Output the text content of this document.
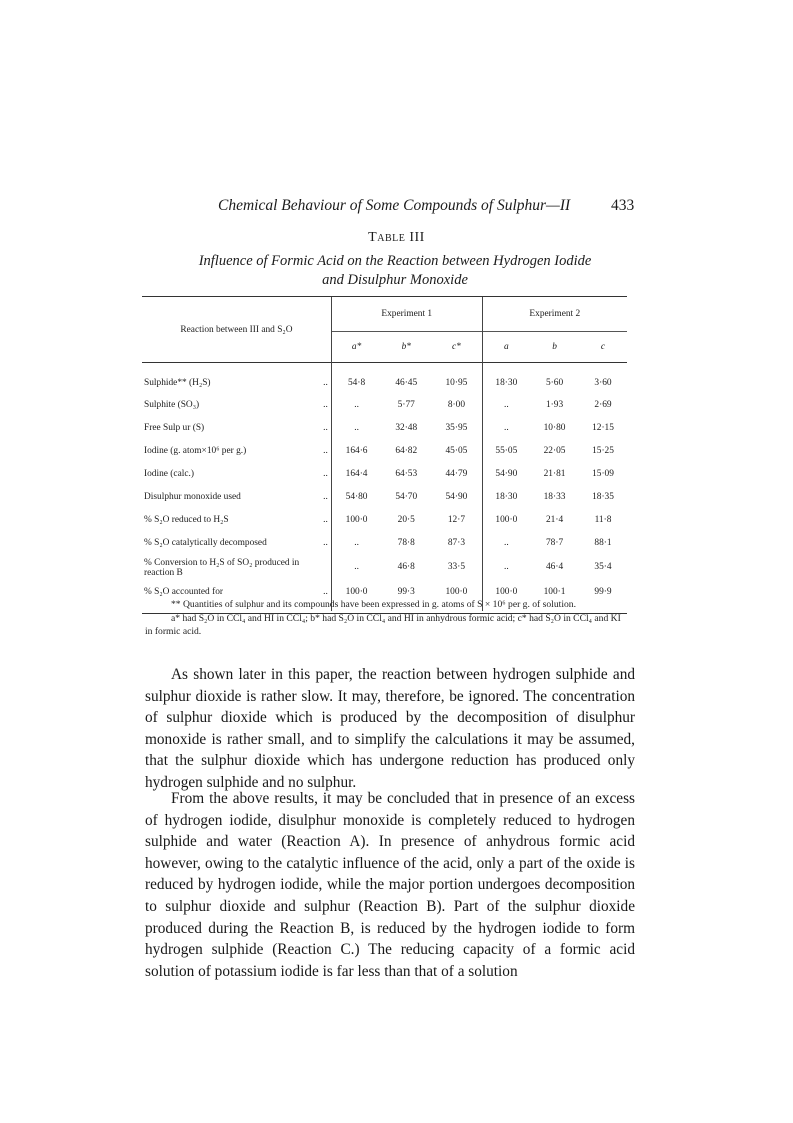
Chemical Behaviour of Some Compounds of Sulphur—II	433
Table III
Influence of Formic Acid on the Reaction between Hydrogen Iodide
and Disulphur Monoxide
Reaction between III and S₂O	Experiment 1			Experiment 2		
	a*	b*	c*	a	b	c
Sulphide** (H₂S) ..	54·8	46·45	10·95	18·30	5·60	3·60
Sulphite (SO₃) ..	..	5·77	8·00	..	1·93	2·69
Free Sulp ur (S) ..	..	32·48	35·95	..	10·80	12·15
Iodine (g. atom×10⁶ per g.) ..	164·6	64·82	45·05	55·05	22·05	15·25
Iodine (calc.) ..	164·4	64·53	44·79	54·90	21·81	15·09
Disulphur monoxide used ..	54·80	54·70	54·90	18·30	18·33	18·35
% S₂O reduced to H₂S ..	100·0	20·5	12·7	100·0	21·4	11·8
% S₂O catalytically decomposed ..	..	78·8	87·3	..	78·7	88·1
% Conversion to H₂S of SO₂ produced in reaction B	..	46·8	33·5	..	46·4	35·4
% S₂O accounted for ..	100·0	99·3	100·0	100·0	100·1	99·9

** Quantities of sulphur and its compounds have been expressed in g. atoms of S × 10⁶ per g. of solution.

a* had S₂O in CCl₄ and HI in CCl₄; b* had S₂O in CCl₄ and HI in anhydrous formic acid; c* had S₂O in CCl₄ and KI in formic acid.

As shown later in this paper, the reaction between hydrogen sulphide and sulphur dioxide is rather slow. It may, therefore, be ignored. The concentration of sulphur dioxide which is produced by the decomposition of disulphur monoxide is rather small, and to simplify the calculations it may be assumed, that the sulphur dioxide which has undergone reduction has produced only hydrogen sulphide and no sulphur.

From the above results, it may be concluded that in presence of an excess of hydrogen iodide, disulphur monoxide is completely reduced to hydrogen sulphide and water (Reaction A). In presence of anhydrous formic acid however, owing to the catalytic influence of the acid, only a part of the oxide is reduced by hydrogen iodide, while the major portion undergoes decomposition to sulphur dioxide and sulphur (Reaction B). Part of the sulphur dioxide produced during the Reaction B, is reduced by the hydrogen iodide to form hydrogen sulphide (Reaction C.) The reducing capacity of a formic acid solution of potassium iodide is far less than that of a solution
